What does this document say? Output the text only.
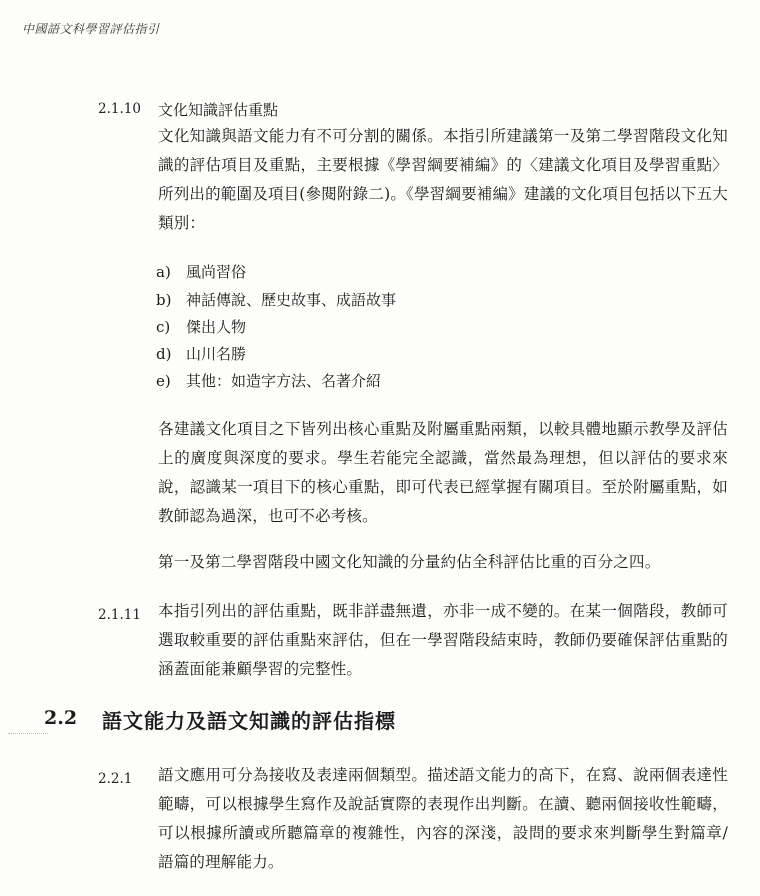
中國語文科學習評估指引
2.1.10 文化知識評估重點
文化知識與語文能力有不可分割的關係。本指引所建議第一及第二學習階段文化知識的評估項目及重點，主要根據《學習綱要補編》的〈建議文化項目及學習重點〉所列出的範圍及項目(參閱附錄二)。《學習綱要補編》建議的文化項目包括以下五大類別：
a) 風尚習俗
b) 神話傳說、歷史故事、成語故事
c) 傑出人物
d) 山川名勝
e) 其他：如造字方法、名著介紹
各建議文化項目之下皆列出核心重點及附屬重點兩類，以較具體地顯示教學及評估上的廣度與深度的要求。學生若能完全認識，當然最為理想，但以評估的要求來說，認識某一項目下的核心重點，即可代表已經掌握有關項目。至於附屬重點，如教師認為過深，也可不必考核。
第一及第二學習階段中國文化知識的分量約佔全科評估比重的百分之四。
2.1.11 本指引列出的評估重點，既非詳盡無遺，亦非一成不變的。在某一個階段，教師可選取較重要的評估重點來評估，但在一學習階段結束時，教師仍要確保評估重點的涵蓋面能兼顧學習的完整性。
2.2 語文能力及語文知識的評估指標
2.2.1 語文應用可分為接收及表達兩個類型。描述語文能力的高下，在寫、說兩個表達性範疇，可以根據學生寫作及說話實際的表現作出判斷。在讀、聽兩個接收性範疇，可以根據所讀或所聽篇章的複雜性，內容的深淺，設問的要求來判斷學生對篇章/語篇的理解能力。
